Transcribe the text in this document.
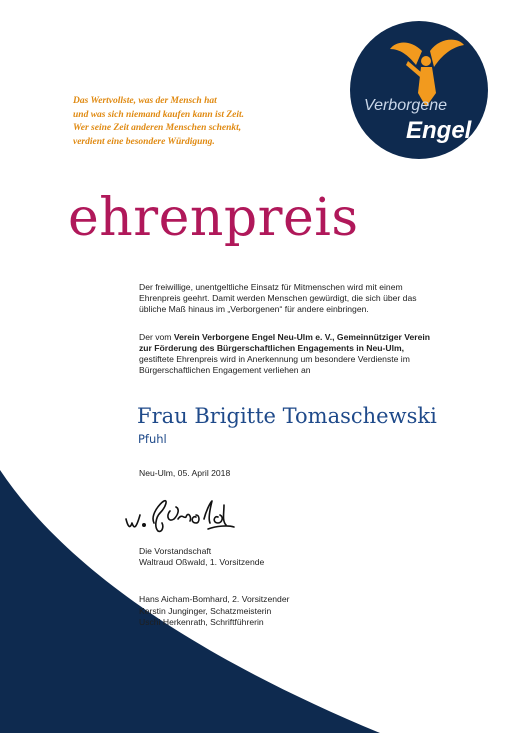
Das Wertvollste, was der Mensch hat
und was sich niemand kaufen kann ist Zeit.
Wer seine Zeit anderen Menschen schenkt,
verdient eine besondere Würdigung.
Verborgene
Engel
ehrenpreis
Der freiwillige, unentgeltliche Einsatz für Mitmenschen wird mit einem
Ehrenpreis geehrt. Damit werden Menschen gewürdigt, die sich über das
übliche Maß hinaus im „Verborgenen“ für andere einbringen.
Der vom Verein Verborgene Engel Neu-Ulm e. V., Gemeinnütziger Verein
zur Förderung des Bürgerschaftlichen Engagements in Neu-Ulm,
gestiftete Ehrenpreis wird in Anerkennung um besondere Verdienste im
Bürgerschaftlichen Engagement verliehen an
Frau Brigitte Tomaschewski
Pfuhl
Neu-Ulm, 05. April 2018
Die Vorstandschaft
Waltraud Oßwald, 1. Vorsitzende
Hans Aicham-Bomhard, 2. Vorsitzender
Kerstin Junginger, Schatzmeisterin
Uschi Herkenrath, Schriftführerin
